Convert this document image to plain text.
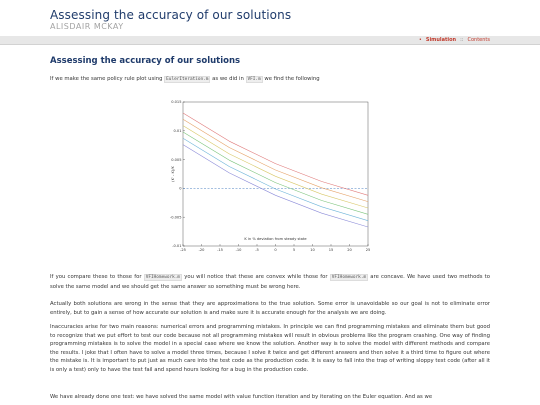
Assessing the accuracy of our solutions
ALISDAIR MCKAY
• Simulation :: Contents
Assessing the accuracy of our solutions

If we make the same policy rule plot using EulerIteration.m as we did in VFI.m we find the following

-25	-20	-15	-10	-5	0	5	10	15	20	25
-0.01
-0.005
0
0.005
0.01
0.015
K in % deviation from steady state
(K' - K)/K

If you compare these to those for VFIHomework.m you will notice that these are convex while those for VFIHomework.m are concave. We have used two methods to solve the same model and we should get the same answer so something must be wrong here.

Actually both solutions are wrong in the sense that they are approximations to the true solution. Some error is unavoidable so our goal is not to eliminate error entirely, but to gain a sense of how accurate our solution is and make sure it is accurate enough for the analysis we are doing.

Inaccuracies arise for two main reasons: numerical errors and programming mistakes. In principle we can find programming mistakes and eliminate them but good to recognize that we put effort to test our code because not all programming mistakes will result in obvious problems like the program crashing. One way of finding programming mistakes is to solve the model in a special case where we know the solution. Another way is to solve the model with different methods and compare the results. I joke that I often have to solve a model three times, because I solve it twice and get different answers and then solve it a third time to figure out where the mistake is. It is important to put just as much care into the test code as the production code. It is easy to fall into the trap of writing sloppy test code (after all it is only a test) only to have the test fail and spend hours looking for a bug in the production code.

We have already done one test: we have solved the same model with value function iteration and by iterating on the Euler equation. And as we
